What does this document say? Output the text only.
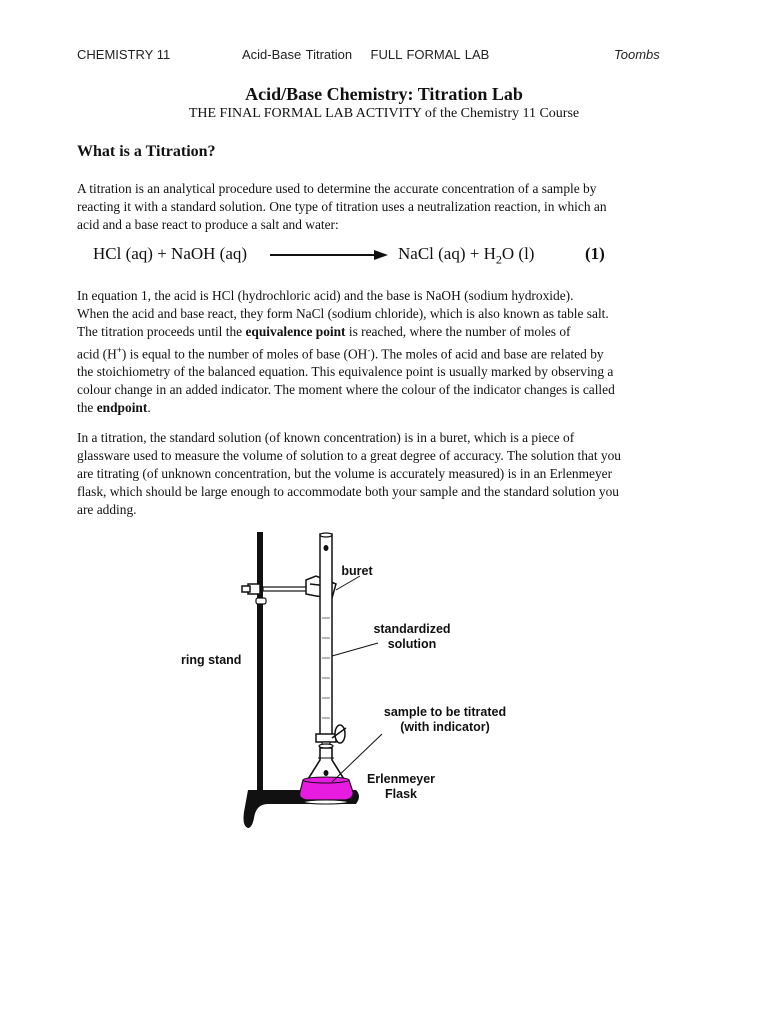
CHEMISTRY 11	Acid-Base Titration    FULL FORMAL LAB	Toombs
Acid/Base Chemistry: Titration Lab
THE FINAL FORMAL LAB ACTIVITY of the Chemistry 11 Course
What is a Titration?
A titration is an analytical procedure used to determine the accurate concentration of a sample by
reacting it with a standard solution. One type of titration uses a neutralization reaction, in which an
acid and a base react to produce a salt and water:
HCl (aq) + NaOH (aq)	NaCl $(aq) + H_2O$ (l)	(1)
In equation 1, the acid is HCl (hydrochloric acid) and the base is NaOH (sodium hydroxide).
When the acid and base react, they form NaCl (sodium chloride), which is also known as table salt.
The titration proceeds until the equivalence point is reached, where the number of moles of
acid (H+) is equal to the number of moles of base (OH-). The moles of acid and base are related by
the stoichiometry of the balanced equation. This equivalence point is usually marked by observing a
colour change in an added indicator. The moment where the colour of the indicator changes is called
the endpoint.
In a titration, the standard solution (of known concentration) is in a buret, which is a piece of
glassware used to measure the volume of solution to a great degree of accuracy. The solution that you
are titrating (of unknown concentration, but the volume is accurately measured) is in an Erlenmeyer
flask, which should be large enough to accommodate both your sample and the standard solution you
are adding.
buret
standardized
solution
ring stand
sample to be titrated
(with indicator)
Erlenmeyer
Flask
